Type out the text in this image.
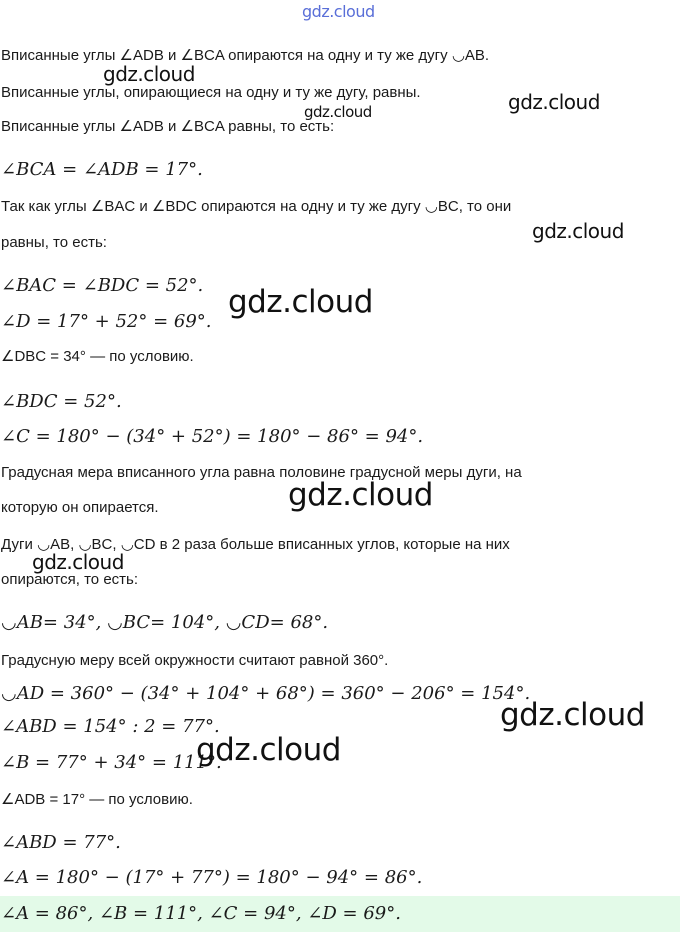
gdz.cloud
Вписанные углы ∠ADB и ∠BCA опираются на одну и ту же дугу ◡AB.
Вписанные углы, опирающиеся на одну и ту же дугу, равны.
Вписанные углы ∠ADB и ∠BCA равны, то есть:
∠BCA = ∠ADB = 17°.
Так как углы ∠BAC и ∠BDC опираются на одну и ту же дугу ◡BC, то они
равны, то есть:
∠BAC = ∠BDC = 52°.
∠D = 17° + 52° = 69°.
∠DBC = 34° — по условию.
∠BDC = 52°.
∠C = 180° − (34° + 52°) = 180° − 86° = 94°.
Градусная мера вписанного угла равна половине градусной меры дуги, на
которую он опирается.
Дуги ◡AB, ◡BC, ◡CD в 2 раза больше вписанных углов, которые на них
опираются, то есть:
◡AB= 34°, ◡BC= 104°, ◡CD= 68°.
Градусную меру всей окружности считают равной 360°.
◡AD = 360° − (34° + 104° + 68°) = 360° − 206° = 154°.
∠ABD = 154° : 2 = 77°.
∠B = 77° + 34° = 111°.
∠ADB = 17° — по условию.
∠ABD = 77°.
∠A = 180° − (17° + 77°) = 180° − 94° = 86°.
∠A = 86°, ∠B = 111°, ∠C = 94°, ∠D = 69°.
gdz.cloud
gdz.cloud
gdz.cloud
gdz.cloud
gdz.cloud
gdz.cloud
gdz.cloud
gdz.cloud
gdz.cloud
